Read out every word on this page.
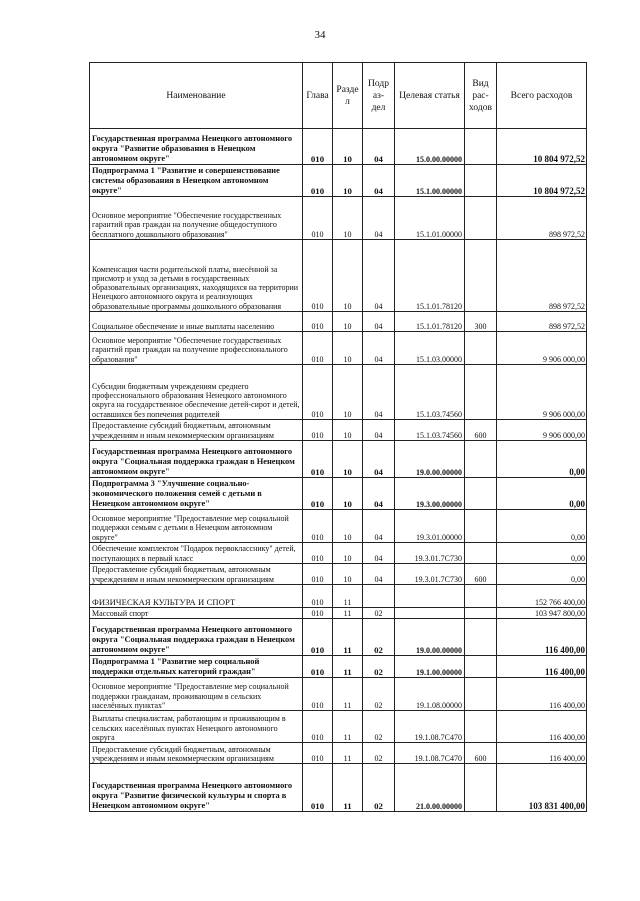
34
Наименование	Глава	Разде л	Подр аз- дел	Целевая статья	Вид рас- ходов	Всего расходов
Государственная программа Ненецкого автономного округа "Развитие образования в Ненецком автономном округе"	010	10	04	15.0.00.00000		10 804 972,52
Подпрограмма 1 "Развитие и совершенствование системы образования в Ненецком автономном округе"	010	10	04	15.1.00.00000		10 804 972,52
Основное мероприятие "Обеспечение государственных гарантий прав граждан на получение общедоступного бесплатного дошкольного образования"	010	10	04	15.1.01.00000		898 972,52
Компенсация части родительской платы, внесённой за присмотр и уход за детьми в государственных образовательных организациях, находящихся на территории Ненецкого автономного округа и реализующих образовательные программы дошкольного образования	010	10	04	15.1.01.78120		898 972,52
Социальное обеспечение и иные выплаты населению	010	10	04	15.1.01.78120	300	898 972,52
Основное мероприятие "Обеспечение государственных гарантий прав граждан на получение профессионального образования"	010	10	04	15.1.03.00000		9 906 000,00
Субсидии бюджетным учреждениям среднего профессионального образования Ненецкого автономного округа на государственное обеспечение детей-сирот и детей, оставшихся без попечения родителей	010	10	04	15.1.03.74560		9 906 000,00
Предоставление субсидий бюджетным, автономным учреждениям и иным некоммерческим организациям	010	10	04	15.1.03.74560	600	9 906 000,00
Государственная программа Ненецкого автономного округа "Социальная поддержка граждан в Ненецком автономном округе"	010	10	04	19.0.00.00000		0,00
Подпрограмма 3 "Улучшение социально-экономического положения семей с детьми в Ненецком автономном округе"	010	10	04	19.3.00.00000		0,00
Основное мероприятие "Предоставление мер социальной поддержки семьям с детьми в Ненецком автономном округе"	010	10	04	19.3.01.00000		0,00
Обеспечение комплектом "Подарок первокласснику" детей, поступающих в первый класс	010	10	04	19.3.01.7С730		0,00
Предоставление субсидий бюджетным, автономным учреждениям и иным некоммерческим организациям	010	10	04	19.3.01.7С730	600	0,00
ФИЗИЧЕСКАЯ КУЛЬТУРА И СПОРТ	010	11				152 766 400,00
Массовый спорт	010	11	02			103 947 800,00
Государственная программа Ненецкого автономного округа "Социальная поддержка граждан в Ненецком автономном округе"	010	11	02	19.0.00.00000		116 400,00
Подпрограмма 1 "Развитие мер социальной поддержки отдельных категорий граждан"	010	11	02	19.1.00.00000		116 400,00
Основное мероприятие "Предоставление мер социальной поддержки гражданам, проживающим в сельских населённых пунктах"	010	11	02	19.1.08.00000		116 400,00
Выплаты специалистам, работающим и проживающим в сельских населённых пунктах Ненецкого автономного округа	010	11	02	19.1.08.7С470		116 400,00
Предоставление субсидий бюджетным, автономным учреждениям и иным некоммерческим организациям	010	11	02	19.1.08.7С470	600	116 400,00
Государственная программа Ненецкого автономного округа "Развитие физической культуры и спорта в Ненецком автономном округе"	010	11	02	21.0.00.00000		103 831 400,00
